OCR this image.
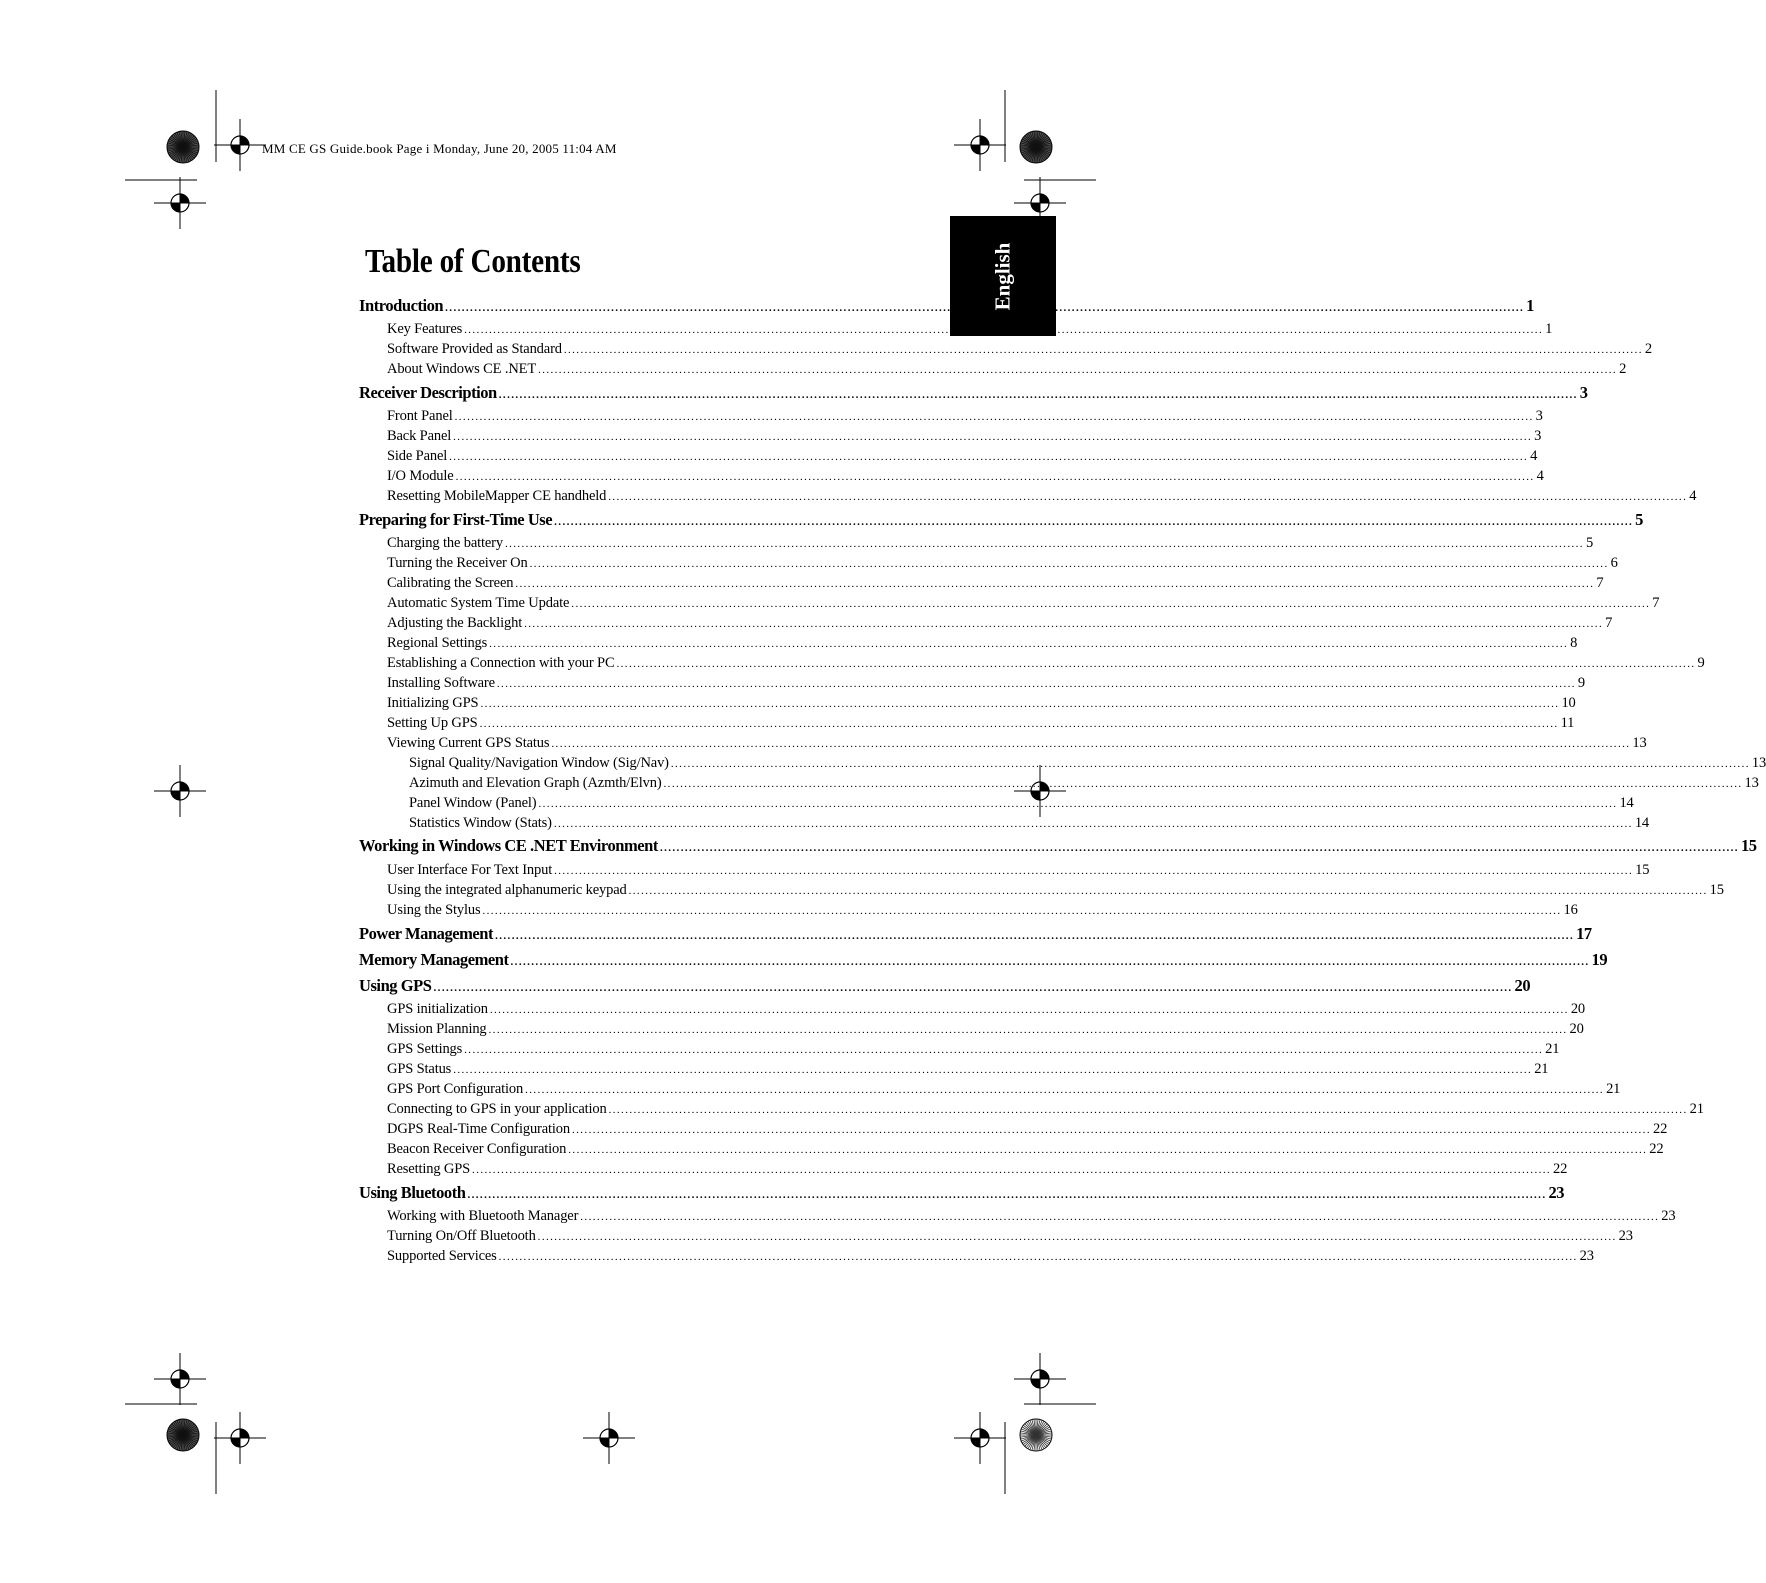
MM CE GS Guide.book Page i Monday, June 20, 2005 11:04 AM
English
Table of Contents
Introduction .................................................................................................................................................................................................................................................................... 1
Key Features .................................................................................................................................................................................................................................................................... 1
Software Provided as Standard .................................................................................................................................................................................................................................................................... 2
About Windows CE .NET .................................................................................................................................................................................................................................................................... 2
Receiver Description .................................................................................................................................................................................................................................................................... 3
Front Panel .................................................................................................................................................................................................................................................................... 3
Back Panel .................................................................................................................................................................................................................................................................... 3
Side Panel .................................................................................................................................................................................................................................................................... 4
I/O Module .................................................................................................................................................................................................................................................................... 4
Resetting MobileMapper CE handheld .................................................................................................................................................................................................................................................................... 4
Preparing for First-Time Use .................................................................................................................................................................................................................................................................... 5
Charging the battery .................................................................................................................................................................................................................................................................... 5
Turning the Receiver On .................................................................................................................................................................................................................................................................... 6
Calibrating the Screen .................................................................................................................................................................................................................................................................... 7
Automatic System Time Update .................................................................................................................................................................................................................................................................... 7
Adjusting the Backlight .................................................................................................................................................................................................................................................................... 7
Regional Settings .................................................................................................................................................................................................................................................................... 8
Establishing a Connection with your PC .................................................................................................................................................................................................................................................................... 9
Installing Software .................................................................................................................................................................................................................................................................... 9
Initializing GPS .................................................................................................................................................................................................................................................................... 10
Setting Up GPS .................................................................................................................................................................................................................................................................... 11
Viewing Current GPS Status .................................................................................................................................................................................................................................................................... 13
Signal Quality/Navigation Window (Sig/Nav) .................................................................................................................................................................................................................................................................... 13
Azimuth and Elevation Graph (Azmth/Elvn) .................................................................................................................................................................................................................................................................... 13
Panel Window (Panel) .................................................................................................................................................................................................................................................................... 14
Statistics Window (Stats) .................................................................................................................................................................................................................................................................... 14
Working in Windows CE .NET Environment .................................................................................................................................................................................................................................................................... 15
User Interface For Text Input .................................................................................................................................................................................................................................................................... 15
Using the integrated alphanumeric keypad .................................................................................................................................................................................................................................................................... 15
Using the Stylus .................................................................................................................................................................................................................................................................... 16
Power Management .................................................................................................................................................................................................................................................................... 17
Memory Management .................................................................................................................................................................................................................................................................... 19
Using GPS .................................................................................................................................................................................................................................................................... 20
GPS initialization .................................................................................................................................................................................................................................................................... 20
Mission Planning .................................................................................................................................................................................................................................................................... 20
GPS Settings .................................................................................................................................................................................................................................................................... 21
GPS Status .................................................................................................................................................................................................................................................................... 21
GPS Port Configuration .................................................................................................................................................................................................................................................................... 21
Connecting to GPS in your application .................................................................................................................................................................................................................................................................... 21
DGPS Real-Time Configuration .................................................................................................................................................................................................................................................................... 22
Beacon Receiver Configuration .................................................................................................................................................................................................................................................................... 22
Resetting GPS .................................................................................................................................................................................................................................................................... 22
Using Bluetooth .................................................................................................................................................................................................................................................................... 23
Working with Bluetooth Manager .................................................................................................................................................................................................................................................................... 23
Turning On/Off Bluetooth .................................................................................................................................................................................................................................................................... 23
Supported Services .................................................................................................................................................................................................................................................................... 23
